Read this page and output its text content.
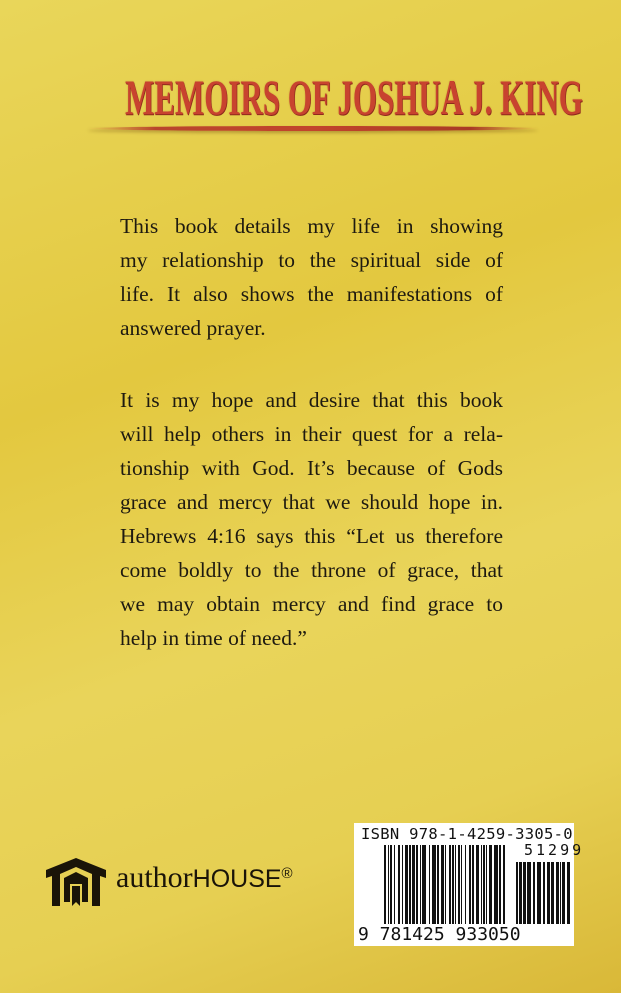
MEMOIRS OF JOSHUA J. KING
This book details my life in showing
my relationship to the spiritual side of
life. It also shows the manifestations of
answered prayer.
It is my hope and desire that this book
will help others in their quest for a rela-
tionship with God. It’s because of Gods
grace and mercy that we should hope in.
Hebrews 4:16 says this “Let us therefore
come boldly to the throne of grace, that
we may obtain mercy and find grace to
help in time of need.”
authorHOUSE®
ISBN 978-1-4259-3305-0
51299
9 781425 933050
